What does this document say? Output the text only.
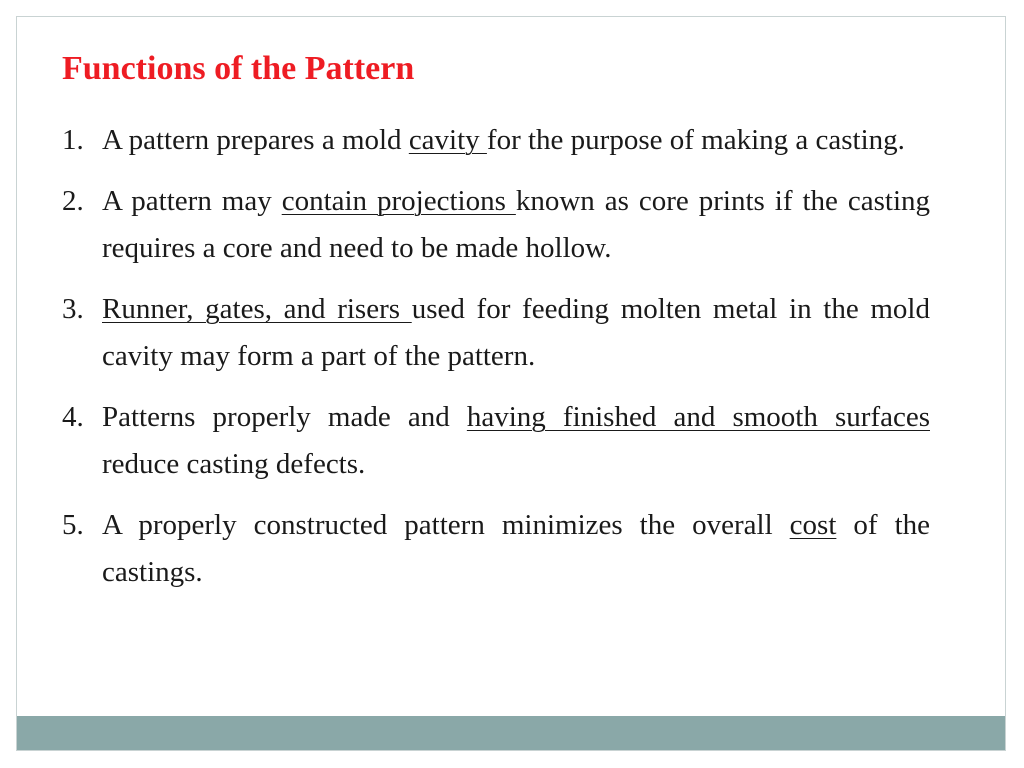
Functions of the Pattern
1. A pattern prepares a mold cavity for the purpose of making a casting.
2. A pattern may contain projections known as core prints if the casting requires a core and need to be made hollow.
3. Runner, gates, and risers used for feeding molten metal in the mold cavity may form a part of the pattern.
4. Patterns properly made and having finished and smooth surfaces reduce casting defects.
5. A properly constructed pattern minimizes the overall cost of the castings.
